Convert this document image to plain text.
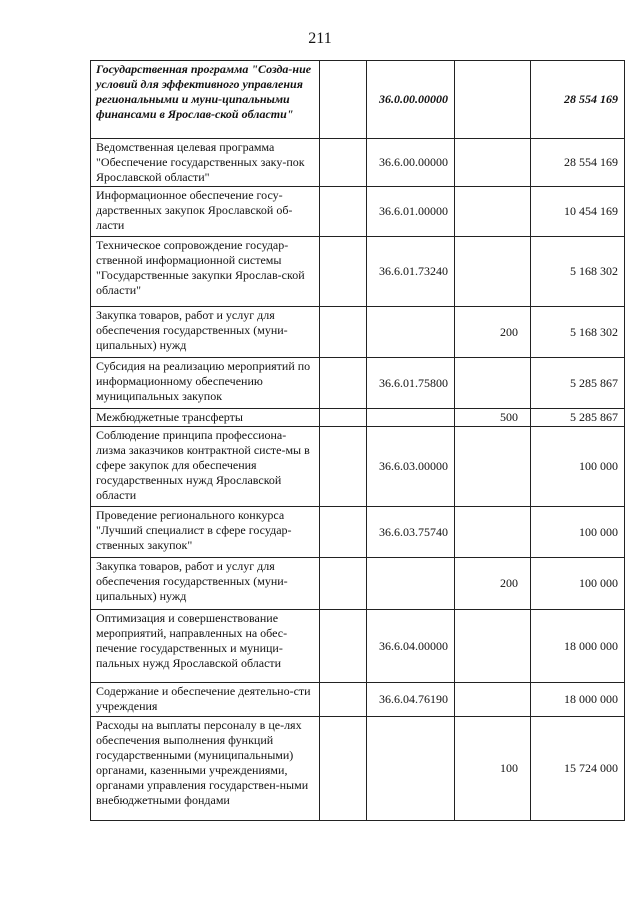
211
Государственная программа "Созда-ние условий для эффективного управления региональными и муни-ципальными финансами в Ярослав-ской области"		36.0.00.00000		28 554 169
Ведомственная целевая программа "Обеспечение государственных заку-пок Ярославской области"		36.6.00.00000		28 554 169
Информационное обеспечение госу-дарственных закупок Ярославской об-ласти		36.6.01.00000		10 454 169
Техническое сопровождение государ-ственной информационной системы "Государственные закупки Ярослав-ской области"		36.6.01.73240		5 168 302
Закупка товаров, работ и услуг для обеспечения государственных (муни-ципальных) нужд			200	5 168 302
Субсидия на реализацию мероприятий по информационному обеспечению муниципальных закупок		36.6.01.75800		5 285 867
Межбюджетные трансферты			500	5 285 867
Соблюдение принципа профессиона-лизма заказчиков контрактной систе-мы в сфере закупок для обеспечения государственных нужд Ярославской области		36.6.03.00000		100 000
Проведение регионального конкурса "Лучший специалист в сфере государ-ственных закупок"		36.6.03.75740		100 000
Закупка товаров, работ и услуг для обеспечения государственных (муни-ципальных) нужд			200	100 000
Оптимизация и совершенствование мероприятий, направленных на обес-печение государственных и муници-пальных нужд Ярославской области		36.6.04.00000		18 000 000
Содержание и обеспечение деятельно-сти учреждения		36.6.04.76190		18 000 000
Расходы на выплаты персоналу в це-лях обеспечения выполнения функций государственными (муниципальными) органами, казенными учреждениями, органами управления государствен-ными внебюджетными фондами			100	15 724 000
